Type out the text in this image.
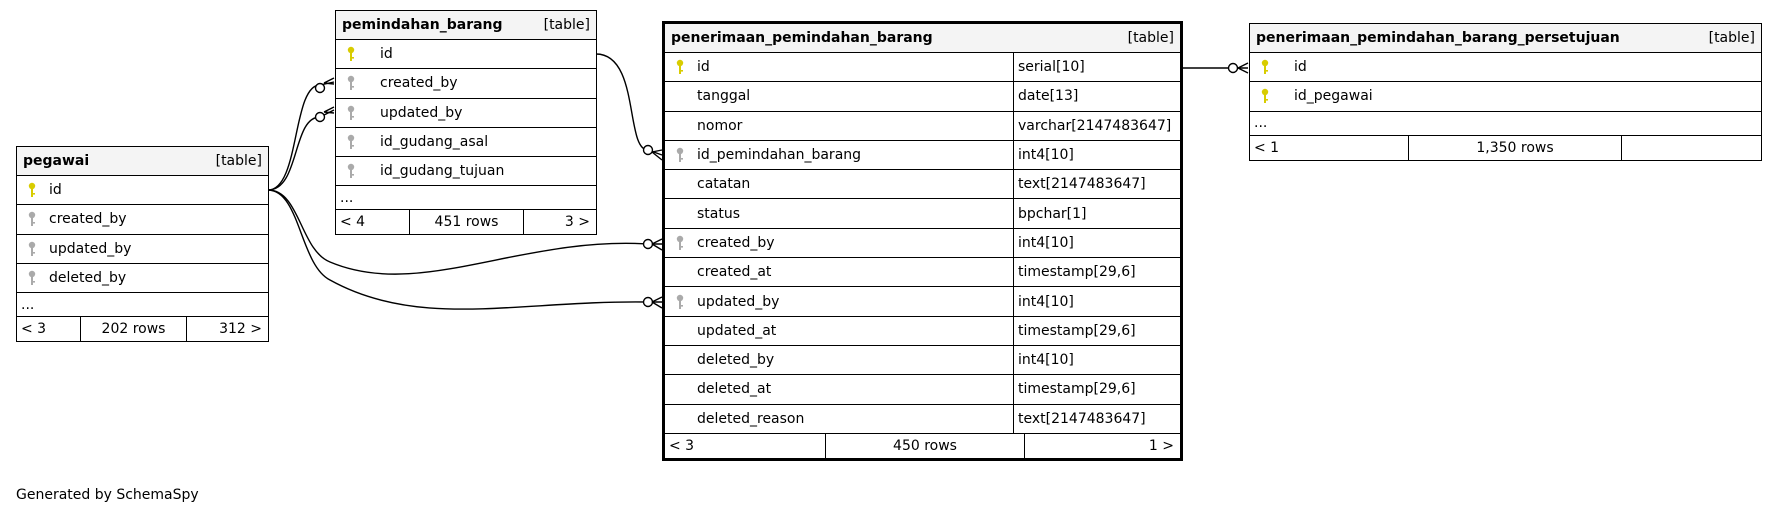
pegawai	[table]
id
created_by
updated_by
deleted_by
...
< 3	202 rows	312 >
pemindahan_barang	[table]
id
created_by
updated_by
id_gudang_asal
id_gudang_tujuan
...
< 4	451 rows	3 >
penerimaan_pemindahan_barang	[table]
id	serial[10]
tanggal	date[13]
nomor	varchar[2147483647]
id_pemindahan_barang	int4[10]
catatan	text[2147483647]
status	bpchar[1]
created_by	int4[10]
created_at	timestamp[29,6]
updated_by	int4[10]
updated_at	timestamp[29,6]
deleted_by	int4[10]
deleted_at	timestamp[29,6]
deleted_reason	text[2147483647]
< 3	450 rows	1 >
penerimaan_pemindahan_barang_persetujuan	[table]
id
id_pegawai
...
< 1	1,350 rows
Generated by SchemaSpy
